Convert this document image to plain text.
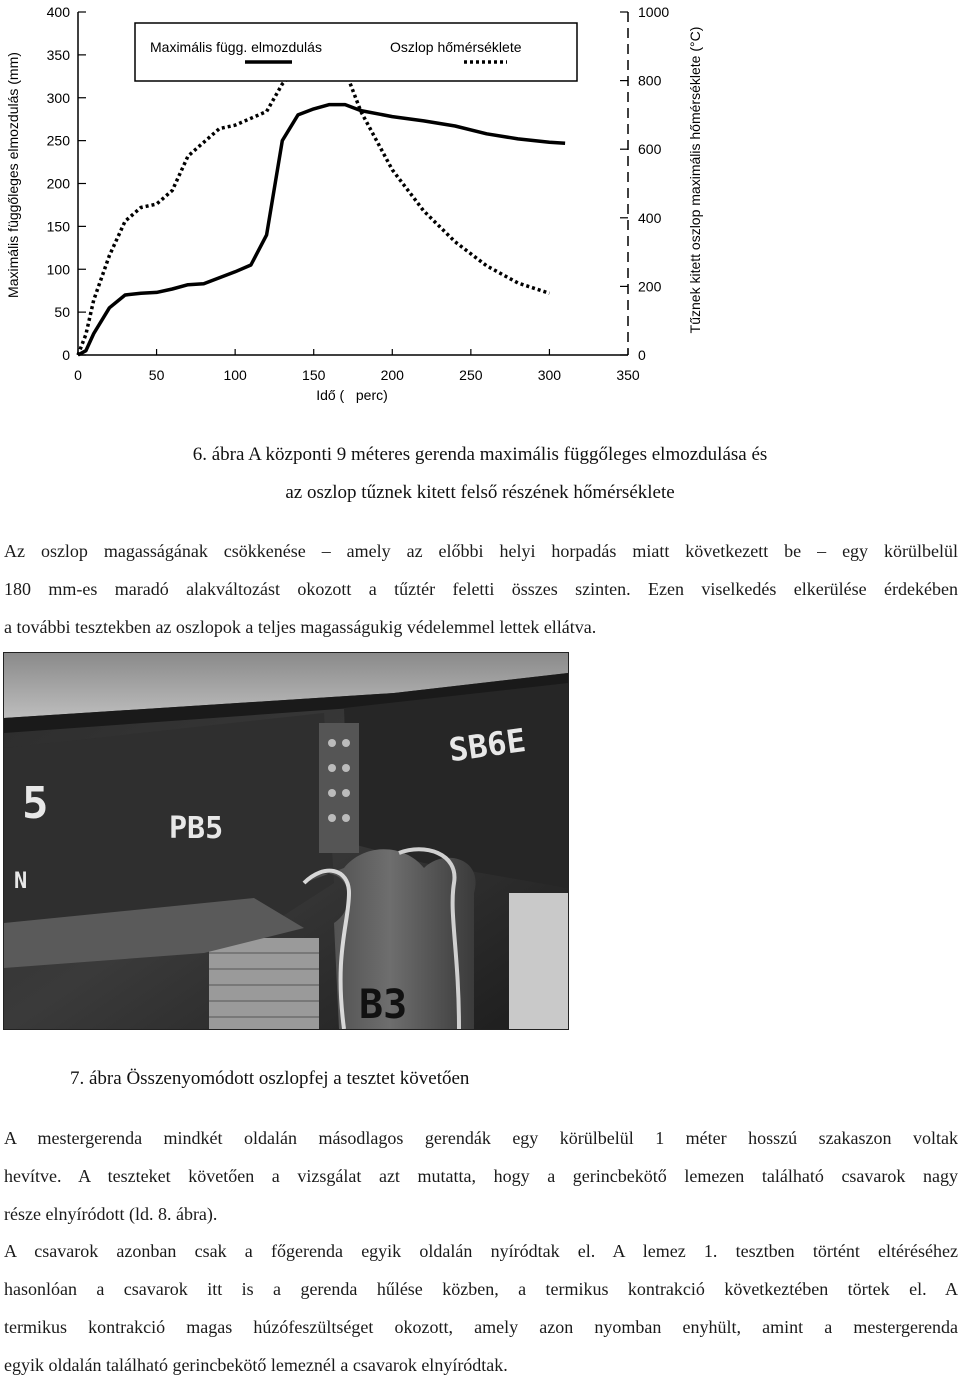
0	50	100	150	200	250	300	350
0
50
100
150
200
250
300
350
400
0
200
400
600
800
1000
Maximális függ. elmozdulás	Oszlop hőmérséklete
Idő (   perc)
Maximális függőleges elmozdulás (mm)	Tűznek kitett oszlop maximális hőmérséklete (°C)
6. ábra A központi 9 méteres gerenda maximális függőleges elmozdulása és
az oszlop tűznek kitett felső részének hőmérséklete

Az oszlop magasságának csökkenése – amely az előbbi helyi horpadás miatt következett be – egy körülbelül

180 mm-es maradó alakváltozást okozott a tűztér feletti összes szinten. Ezen viselkedés elkerülése érdekében

a további tesztekben az oszlopok a teljes magasságukig védelemmel lettek ellátva.

PB5
SB6E
B3
5
N
7. ábra Összenyomódott oszlopfej a tesztet követően

A mestergerenda mindkét oldalán másodlagos gerendák egy körülbelül 1 méter hosszú szakaszon voltak

hevítve. A teszteket követően a vizsgálat azt mutatta, hogy a gerincbekötő lemezen található csavarok nagy

része elnyíródott (ld. 8. ábra).

A csavarok azonban csak a főgerenda egyik oldalán nyíródtak el. A lemez 1. tesztben történt eltéréséhez

hasonlóan a csavarok itt is a gerenda hűlése közben, a termikus kontrakció következtében törtek el. A

termikus kontrakció magas húzófeszültséget okozott, amely azon nyomban enyhült, amint a mestergerenda

egyik oldalán található gerincbekötő lemeznél a csavarok elnyíródtak.
